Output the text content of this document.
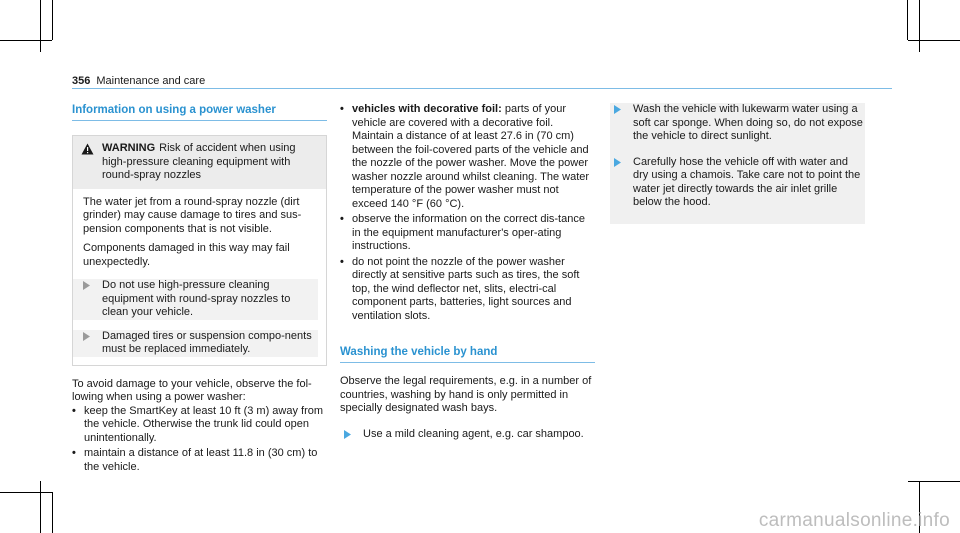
356 Maintenance and care
Information on using a power washer

WARNING Risk of accident when using high-pressure cleaning equipment with round-spray nozzles

The water jet from a round-spray nozzle (dirt grinder) may cause damage to tires and sus-pension components that is not visible.

Components damaged in this way may fail unexpectedly.

Do not use high-pressure cleaning equipment with round-spray nozzles to clean your vehicle.

Damaged tires or suspension compo-nents must be replaced immediately.

To avoid damage to your vehicle, observe the fol-lowing when using a power washer:

• keep the SmartKey at least 10 ft (3 m) away from the vehicle. Otherwise the trunk lid could open unintentionally.
• maintain a distance of at least 11.8 in (30 cm) to the vehicle.
• vehicles with decorative foil: parts of your vehicle are covered with a decorative foil. Maintain a distance of at least 27.6 in (70 cm) between the foil-covered parts of the vehicle and the nozzle of the power washer. Move the power washer nozzle around whilst cleaning. The water temperature of the power washer must not exceed 140 °F (60 °C).
• observe the information on the correct dis-tance in the equipment manufacturer's oper-ating instructions.
• do not point the nozzle of the power washer directly at sensitive parts such as tires, the soft top, the wind deflector net, slits, electri-cal component parts, batteries, light sources and ventilation slots.
Washing the vehicle by hand

Observe the legal requirements, e.g. in a number of countries, washing by hand is only permitted in specially designated wash bays.

Use a mild cleaning agent, e.g. car shampoo.

Wash the vehicle with lukewarm water using a soft car sponge. When doing so, do not expose the vehicle to direct sunlight.

Carefully hose the vehicle off with water and dry using a chamois. Take care not to point the water jet directly towards the air inlet grille below the hood.

carmanualsonline.info
